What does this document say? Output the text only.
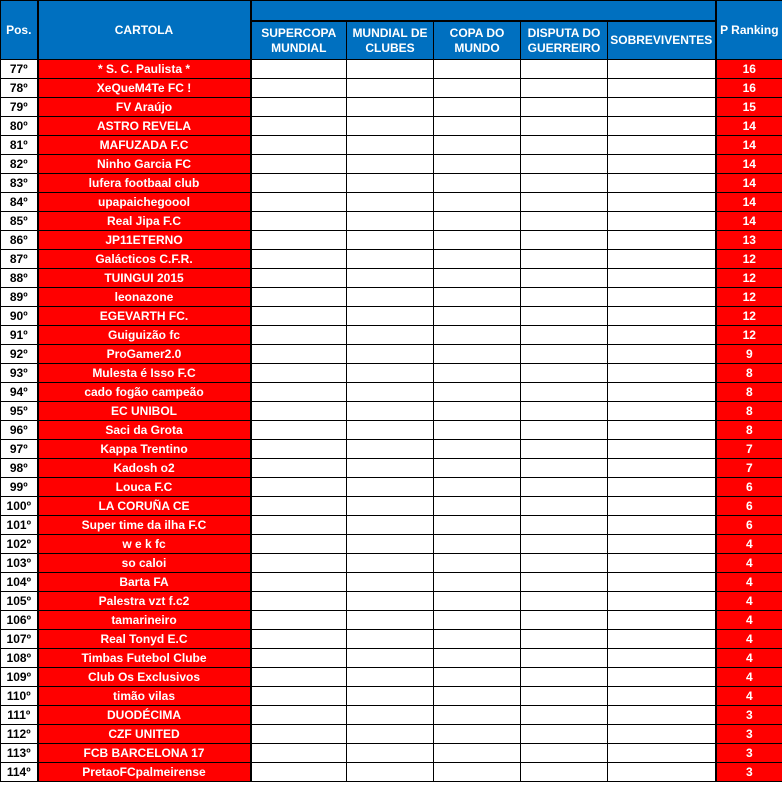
Pos.	CARTOLA						P Ranking
		SUPERCOPA MUNDIAL	MUNDIAL DE CLUBES	COPA DO MUNDO	DISPUTA DO GUERREIRO	SOBREVIVENTES	
77º	* S. C. Paulista *						16
78º	XeQueM4Te FC !						16
79º	FV Araújo						15
80º	ASTRO REVELA						14
81º	MAFUZADA F.C						14
82º	Ninho Garcia FC						14
83º	lufera footbaal club						14
84º	upapaichegoool						14
85º	Real Jipa F.C						14
86º	JP11ETERNO						13
87º	Galácticos C.F.R.						12
88º	TUINGUI 2015						12
89º	leonazone						12
90º	EGEVARTH FC.						12
91º	Guiguizão fc						12
92º	ProGamer2.0						9
93º	Mulesta é Isso F.C						8
94º	cado fogão campeão						8
95º	EC UNIBOL						8
96º	Saci da Grota						8
97º	Kappa Trentino						7
98º	Kadosh o2						7
99º	Louca F.C						6
100º	LA CORUÑA CE						6
101º	Super time da ilha F.C						6
102º	w e k fc						4
103º	so caloi						4
104º	Barta FA						4
105º	Palestra vzt f.c2						4
106º	tamarineiro						4
107º	Real Tonyd E.C						4
108º	Timbas Futebol Clube						4
109º	Club Os Exclusivos						4
110º	timão vilas						4
111º	DUODÉCIMA						3
112º	CZF UNITED						3
113º	FCB BARCELONA 17						3
114º	PretaoFCpalmeirense						3
